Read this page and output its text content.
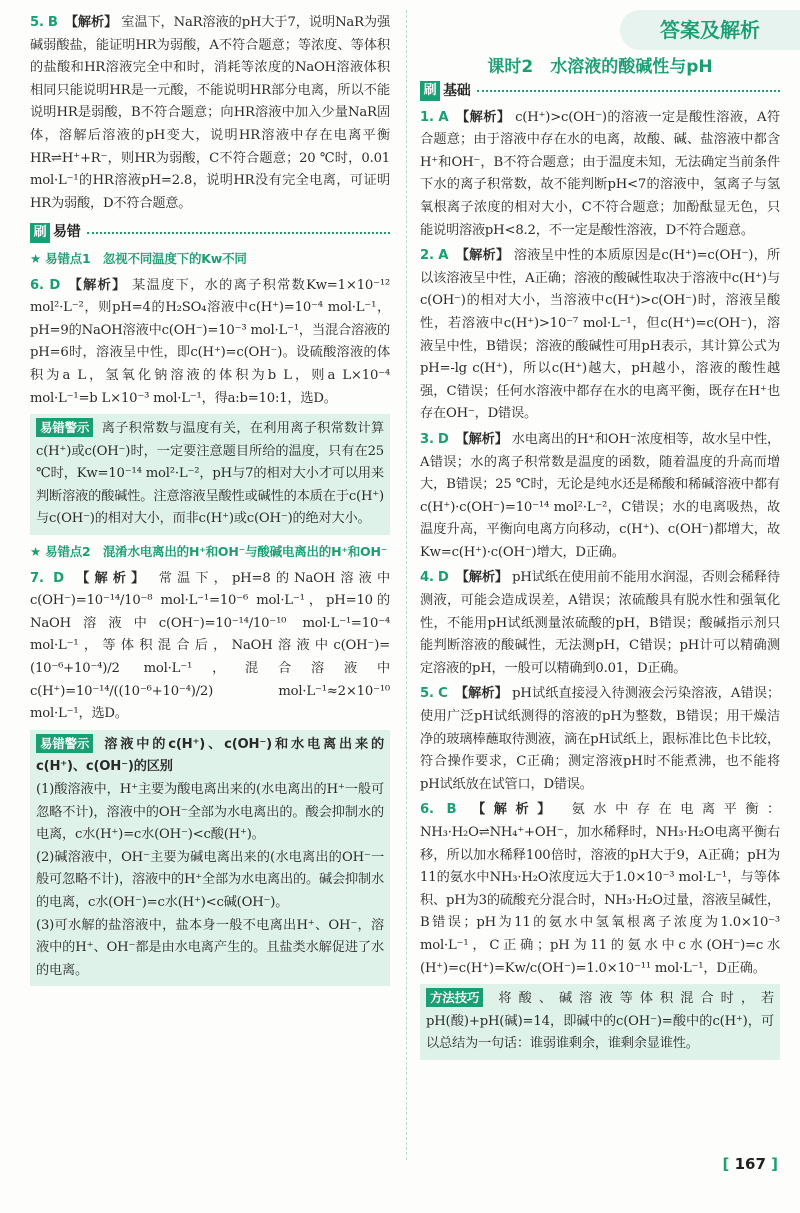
答案及解析
5. B 【解析】 室温下，NaR溶液的pH大于7，说明NaR为强碱弱酸盐，能证明HR为弱酸，A不符合题意；等浓度、等体积的盐酸和HR溶液完全中和时，消耗等浓度的NaOH溶液体积相同只能说明HR是一元酸，不能说明HR部分电离，所以不能说明HR是弱酸，B不符合题意；向HR溶液中加入少量NaR固体，溶解后溶液的pH变大，说明HR溶液中存在电离平衡HR⇌H⁺+R⁻，则HR为弱酸，C不符合题意；20 ℃时，0.01 mol·L⁻¹的HR溶液pH=2.8，说明HR没有完全电离，可证明HR为弱酸，D不符合题意。
刷 易错
★ 易错点1　忽视不同温度下的Kw不同
6. D 【解析】 某温度下，水的离子积常数Kw=1×10⁻¹² mol²·L⁻²，则pH=4的H₂SO₄溶液中c(H⁺)=10⁻⁴ mol·L⁻¹，pH=9的NaOH溶液中c(OH⁻)=10⁻³ mol·L⁻¹，当混合溶液的pH=6时，溶液呈中性，即c(H⁺)=c(OH⁻)。设硫酸溶液的体积为a L，氢氧化钠溶液的体积为b L，则a L×10⁻⁴ mol·L⁻¹=b L×10⁻³ mol·L⁻¹，得a:b=10:1，选D。
易错警示 离子积常数与温度有关，在利用离子积常数计算c(H⁺)或c(OH⁻)时，一定要注意题目所给的温度，只有在25 ℃时，Kw=10⁻¹⁴ mol²·L⁻²，pH与7的相对大小才可以用来判断溶液的酸碱性。注意溶液呈酸性或碱性的本质在于c(H⁺)与c(OH⁻)的相对大小，而非c(H⁺)或c(OH⁻)的绝对大小。
★ 易错点2　混淆水电离出的H⁺和OH⁻与酸碱电离出的H⁺和OH⁻
7. D 【解析】 常温下，pH=8的NaOH溶液中c(OH⁻)=10⁻¹⁴/10⁻⁸ mol·L⁻¹=10⁻⁶ mol·L⁻¹，pH=10的NaOH溶液中c(OH⁻)=10⁻¹⁴/10⁻¹⁰ mol·L⁻¹=10⁻⁴ mol·L⁻¹，等体积混合后，NaOH溶液中c(OH⁻)=(10⁻⁶+10⁻⁴)/2 mol·L⁻¹，混合溶液中c(H⁺)=10⁻¹⁴/((10⁻⁶+10⁻⁴)/2) mol·L⁻¹≈2×10⁻¹⁰ mol·L⁻¹，选D。
易错警示 溶液中的c(H⁺)、c(OH⁻)和水电离出来的c(H⁺)、c(OH⁻)的区别
(1)酸溶液中，H⁺主要为酸电离出来的(水电离出的H⁺一般可忽略不计)，溶液中的OH⁻全部为水电离出的。酸会抑制水的电离，c水(H⁺)=c水(OH⁻)<c酸(H⁺)。
(2)碱溶液中，OH⁻主要为碱电离出来的(水电离出的OH⁻一般可忽略不计)，溶液中的H⁺全部为水电离出的。碱会抑制水的电离，c水(OH⁻)=c水(H⁺)<c碱(OH⁻)。
(3)可水解的盐溶液中，盐本身一般不电离出H⁺、OH⁻，溶液中的H⁺、OH⁻都是由水电离产生的。且盐类水解促进了水的电离。
课时2　水溶液的酸碱性与pH
刷 基础
1. A 【解析】 c(H⁺)>c(OH⁻)的溶液一定是酸性溶液，A符合题意；由于溶液中存在水的电离，故酸、碱、盐溶液中都含H⁺和OH⁻，B不符合题意；由于温度未知，无法确定当前条件下水的离子积常数，故不能判断pH<7的溶液中，氢离子与氢氧根离子浓度的相对大小，C不符合题意；加酚酞显无色，只能说明溶液pH<8.2，不一定是酸性溶液，D不符合题意。
2. A 【解析】 溶液呈中性的本质原因是c(H⁺)=c(OH⁻)，所以该溶液呈中性，A正确；溶液的酸碱性取决于溶液中c(H⁺)与c(OH⁻)的相对大小，当溶液中c(H⁺)>c(OH⁻)时，溶液呈酸性，若溶液中c(H⁺)>10⁻⁷ mol·L⁻¹，但c(H⁺)=c(OH⁻)，溶液呈中性，B错误；溶液的酸碱性可用pH表示，其计算公式为pH=-lg c(H⁺)，所以c(H⁺)越大，pH越小，溶液的酸性越强，C错误；任何水溶液中都存在水的电离平衡，既存在H⁺也存在OH⁻，D错误。
3. D 【解析】 水电离出的H⁺和OH⁻浓度相等，故水呈中性，A错误；水的离子积常数是温度的函数，随着温度的升高而增大，B错误；25 ℃时，无论是纯水还是稀酸和稀碱溶液中都有c(H⁺)·c(OH⁻)=10⁻¹⁴ mol²·L⁻²，C错误；水的电离吸热，故温度升高，平衡向电离方向移动，c(H⁺)、c(OH⁻)都增大，故Kw=c(H⁺)·c(OH⁻)增大，D正确。
4. D 【解析】 pH试纸在使用前不能用水润湿，否则会稀释待测液，可能会造成误差，A错误；浓硫酸具有脱水性和强氧化性，不能用pH试纸测量浓硫酸的pH，B错误；酸碱指示剂只能判断溶液的酸碱性，无法测pH，C错误；pH计可以精确测定溶液的pH，一般可以精确到0.01，D正确。
5. C 【解析】 pH试纸直接浸入待测液会污染溶液，A错误；使用广泛pH试纸测得的溶液的pH为整数，B错误；用干燥洁净的玻璃棒蘸取待测液，滴在pH试纸上，跟标准比色卡比较，符合操作要求，C正确；测定溶液pH时不能煮沸，也不能将pH试纸放在试管口，D错误。
6. B 【解析】 氨水中存在电离平衡：NH₃·H₂O⇌NH₄⁺+OH⁻，加水稀释时，NH₃·H₂O电离平衡右移，所以加水稀释100倍时，溶液的pH大于9，A正确；pH为11的氨水中NH₃·H₂O浓度远大于1.0×10⁻³ mol·L⁻¹，与等体积、pH为3的硫酸充分混合时，NH₃·H₂O过量，溶液呈碱性，B错误；pH为11的氨水中氢氧根离子浓度为1.0×10⁻³ mol·L⁻¹，C正确；pH为11的氨水中c水(OH⁻)=c水(H⁺)=c(H⁺)=Kw/c(OH⁻)=1.0×10⁻¹¹ mol·L⁻¹，D正确。
方法技巧 将酸、碱溶液等体积混合时，若pH(酸)+pH(碱)=14，即碱中的c(OH⁻)=酸中的c(H⁺)，可以总结为一句话：谁弱谁剩余，谁剩余显谁性。
[ 167 ]
